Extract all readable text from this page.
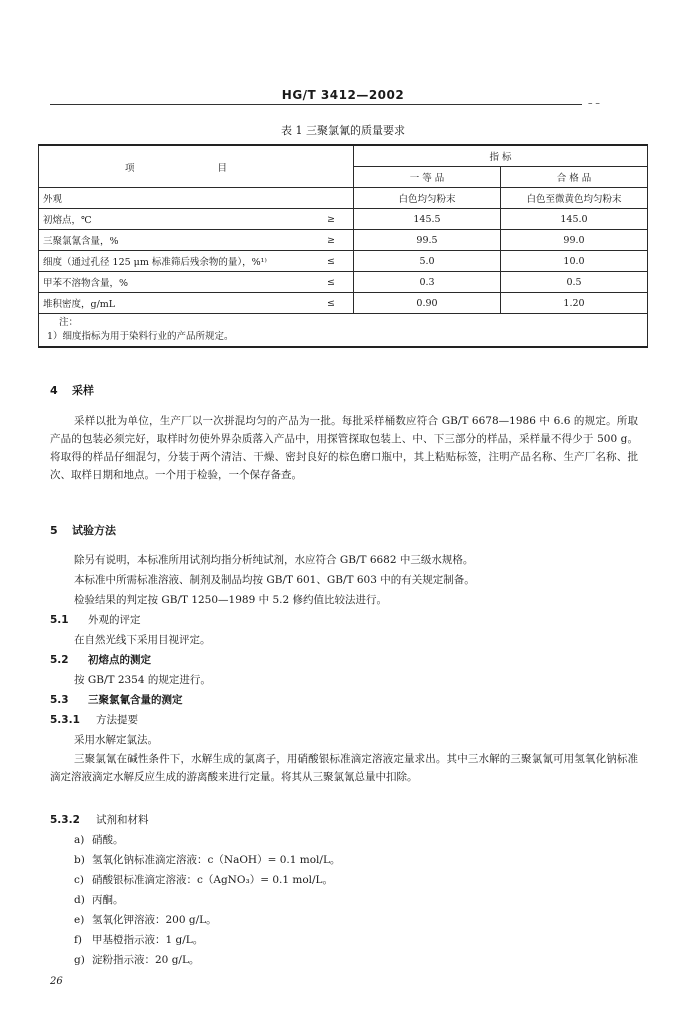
HG/T 3412—2002
– –
表 1 三聚氯氰的质量要求
项 目		指 标	
		一 等 品	合 格 品
外观		白色均匀粉末	白色至微黄色均匀粉末
初熔点，℃	≥	145.5	145.0
三聚氯氰含量，%	≥	99.5	99.0
细度（通过孔径 125 μm 标准筛后残余物的量），%¹⁾	≤	5.0	10.0
甲苯不溶物含量，%	≤	0.3	0.5
堆积密度，g/mL	≤	0.90	1.20

注：
1）细度指标为用于染料行业的产品所规定。			
4 采样
采样以批为单位，生产厂以一次拼混均匀的产品为一批。每批采样桶数应符合 GB/T 6678—1986 中 6.6 的规定。所取产品的包装必须完好，取样时勿使外界杂质落入产品中，用探管探取包装上、中、下三部分的样品，采样量不得少于 500 g。将取得的样品仔细混匀，分装于两个清洁、干燥、密封良好的棕色磨口瓶中，其上粘贴标签，注明产品名称、生产厂名称、批次、取样日期和地点。一个用于检验，一个保存备查。
5 试验方法
除另有说明，本标准所用试剂均指分析纯试剂，水应符合 GB/T 6682 中三级水规格。
本标准中所需标准溶液、制剂及制品均按 GB/T 601、GB/T 603 中的有关规定制备。
检验结果的判定按 GB/T 1250—1989 中 5.2 修约值比较法进行。
5.1 外观的评定
在自然光线下采用目视评定。
5.2 初熔点的测定
按 GB/T 2354 的规定进行。
5.3 三聚氯氰含量的测定
5.3.1 方法提要
采用水解定氯法。
三聚氯氰在碱性条件下，水解生成的氯离子，用硝酸银标准滴定溶液定量求出。其中三水解的三聚氯氰可用氢氧化钠标准滴定溶液滴定水解反应生成的游离酸来进行定量。将其从三聚氯氰总量中扣除。
5.3.2 试剂和材料
a) 硝酸。
b) 氢氧化钠标准滴定溶液：c（NaOH）= 0.1 mol/L。
c) 硝酸银标准滴定溶液：c（AgNO₃）= 0.1 mol/L。
d) 丙酮。
e) 氢氧化钾溶液：200 g/L。
f) 甲基橙指示液：1 g/L。
g) 淀粉指示液：20 g/L。
26
